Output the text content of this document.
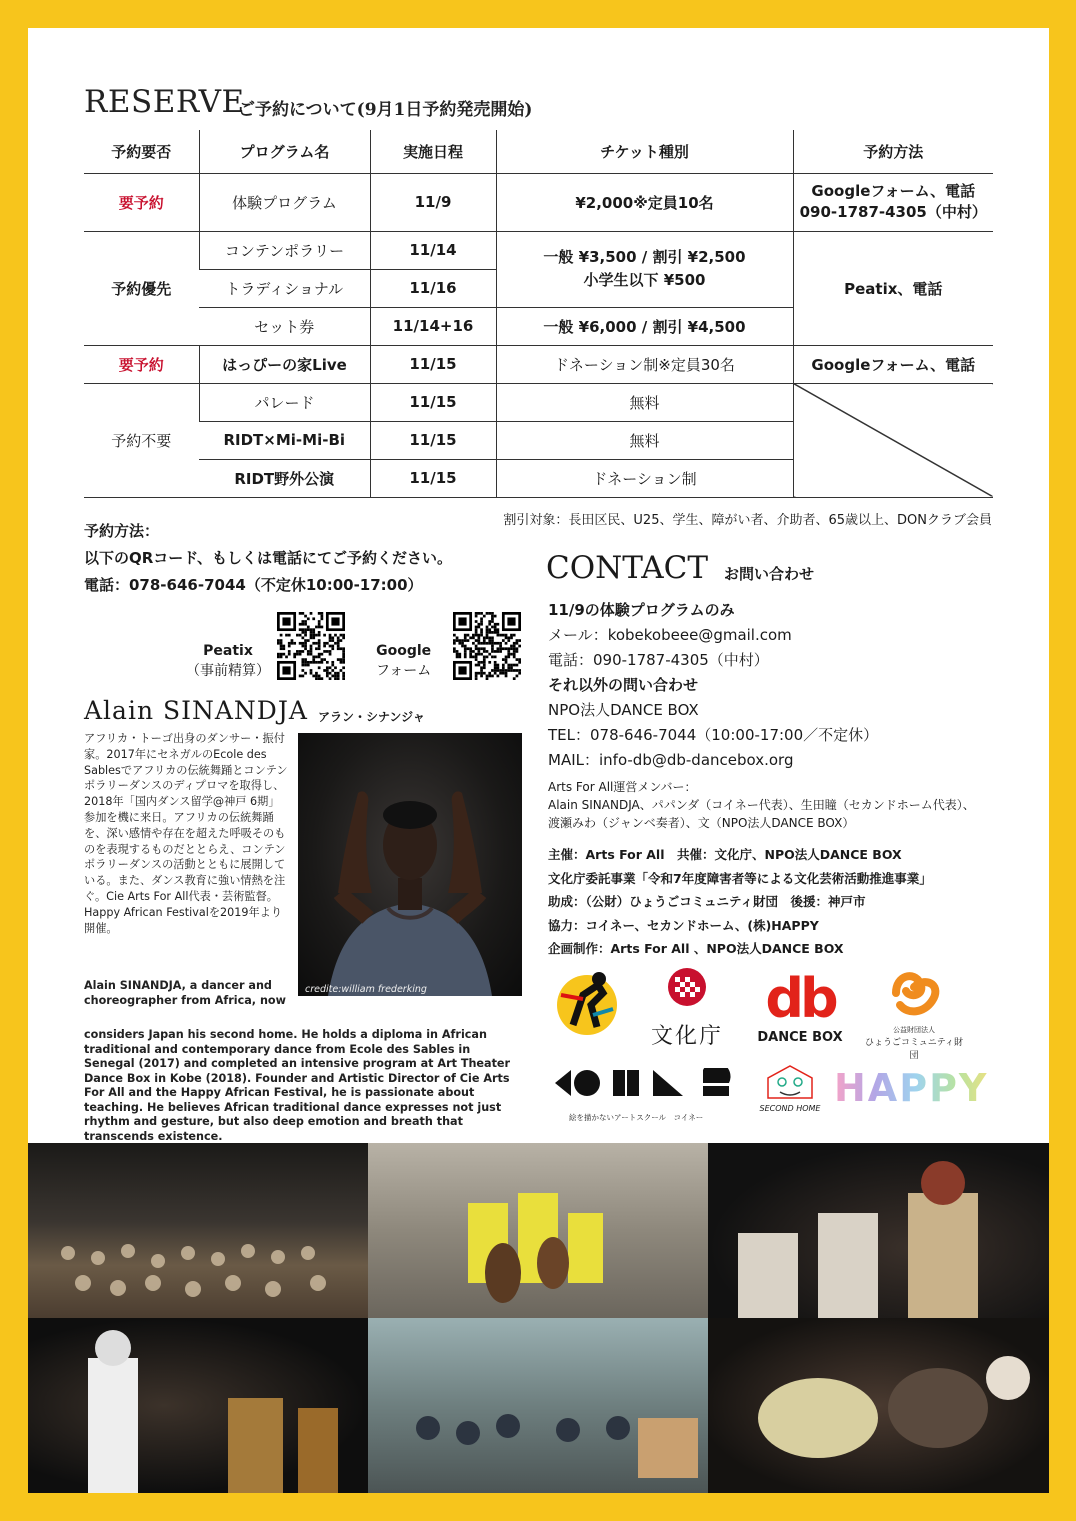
RESERVE
ご予約について(9月1日予約発売開始)
予約要否	プログラム名	実施日程	チケット種別	予約方法
要予約	体験プログラム	11/9	¥2,000※定員10名	Googleフォーム、電話
090-1787-4305（中村）

予約優先	コンテンポラリー	11/14	一般 ¥3,500 / 割引 ¥2,500
小学生以下 ¥500	Peatix、電話
	トラディショナル	11/16		
	セット券	11/14+16	一般 ¥6,000 / 割引 ¥4,500	
要予約	はっぴーの家Live	11/15	ドネーション制※定員30名	Googleフォーム、電話
予約不要	パレード	11/15	無料	
	RIDT×Mi-Mi-Bi	11/15	無料	
	RIDT野外公演	11/15	ドネーション制	
割引対象：長田区民、U25、学生、障がい者、介助者、65歳以上、DONクラブ会員
予約方法：
以下のQRコード、もしくは電話にてご予約ください。
電話：078-646-7044（不定休10:00-17:00）
Peatix
（事前精算）
Google
フォーム
Alain SINANDJA アラン・シナンジャ
アフリカ・トーゴ出身のダンサー・振付家。2017年にセネガルのEcole des Sablesでアフリカの伝統舞踊とコンテンポラリーダンスのディプロマを取得し、2018年「国内ダンス留学@神戸 6期」参加を機に来日。アフリカの伝統舞踊を、深い感情や存在を超えた呼吸そのものを表現するものだととらえ、コンテンポラリーダンスの活動とともに展開している。また、ダンス教育に強い情熱を注ぐ。Cie Arts For All代表・芸術監督。Happy African Festivalを2019年より開催。
Alain SINANDJA, a dancer and choreographer from Africa, now
considers Japan his second home. He holds a diploma in African traditional and contemporary dance from Ecole des Sables in Senegal (2017) and completed an intensive program at Art Theater Dance Box in Kobe (2018). Founder and Artistic Director of Cie Arts For All and the Happy African Festival, he is passionate about teaching. He believes African traditional dance expresses not just rhythm and gesture, but also deep emotion and breath that transcends existence.
credite:william frederking
CONTACT お問い合わせ
11/9の体験プログラムのみ
メール：kobekobeee@gmail.com
電話：090-1787-4305（中村）
それ以外の問い合わせ
NPO法人DANCE BOX
TEL：078-646-7044（10:00-17:00／不定休）
MAIL：info-db@db-dancebox.org
Arts For All運営メンバー：
Alain SINANDJA、パパンダ（コイネー代表）、生田瞳（セカンドホーム代表）、
渡瀬みわ（ジャンベ奏者）、文（NPO法人DANCE BOX）
主催：Arts For All　共催：文化庁、NPO法人DANCE BOX
文化庁委託事業「令和7年度障害者等による文化芸術活動推進事業」
助成：（公財）ひょうごコミュニティ財団　後援：神戸市
協力：コイネー、セカンドホーム、(株)HAPPY
企画制作：Arts For All 、NPO法人DANCE BOX
文化庁
db
DANCE BOX	公益財団法人
ひょうごコミュニティ財団
絵を描かないアートスクール　コイネー
SECOND HOME HAPPY
